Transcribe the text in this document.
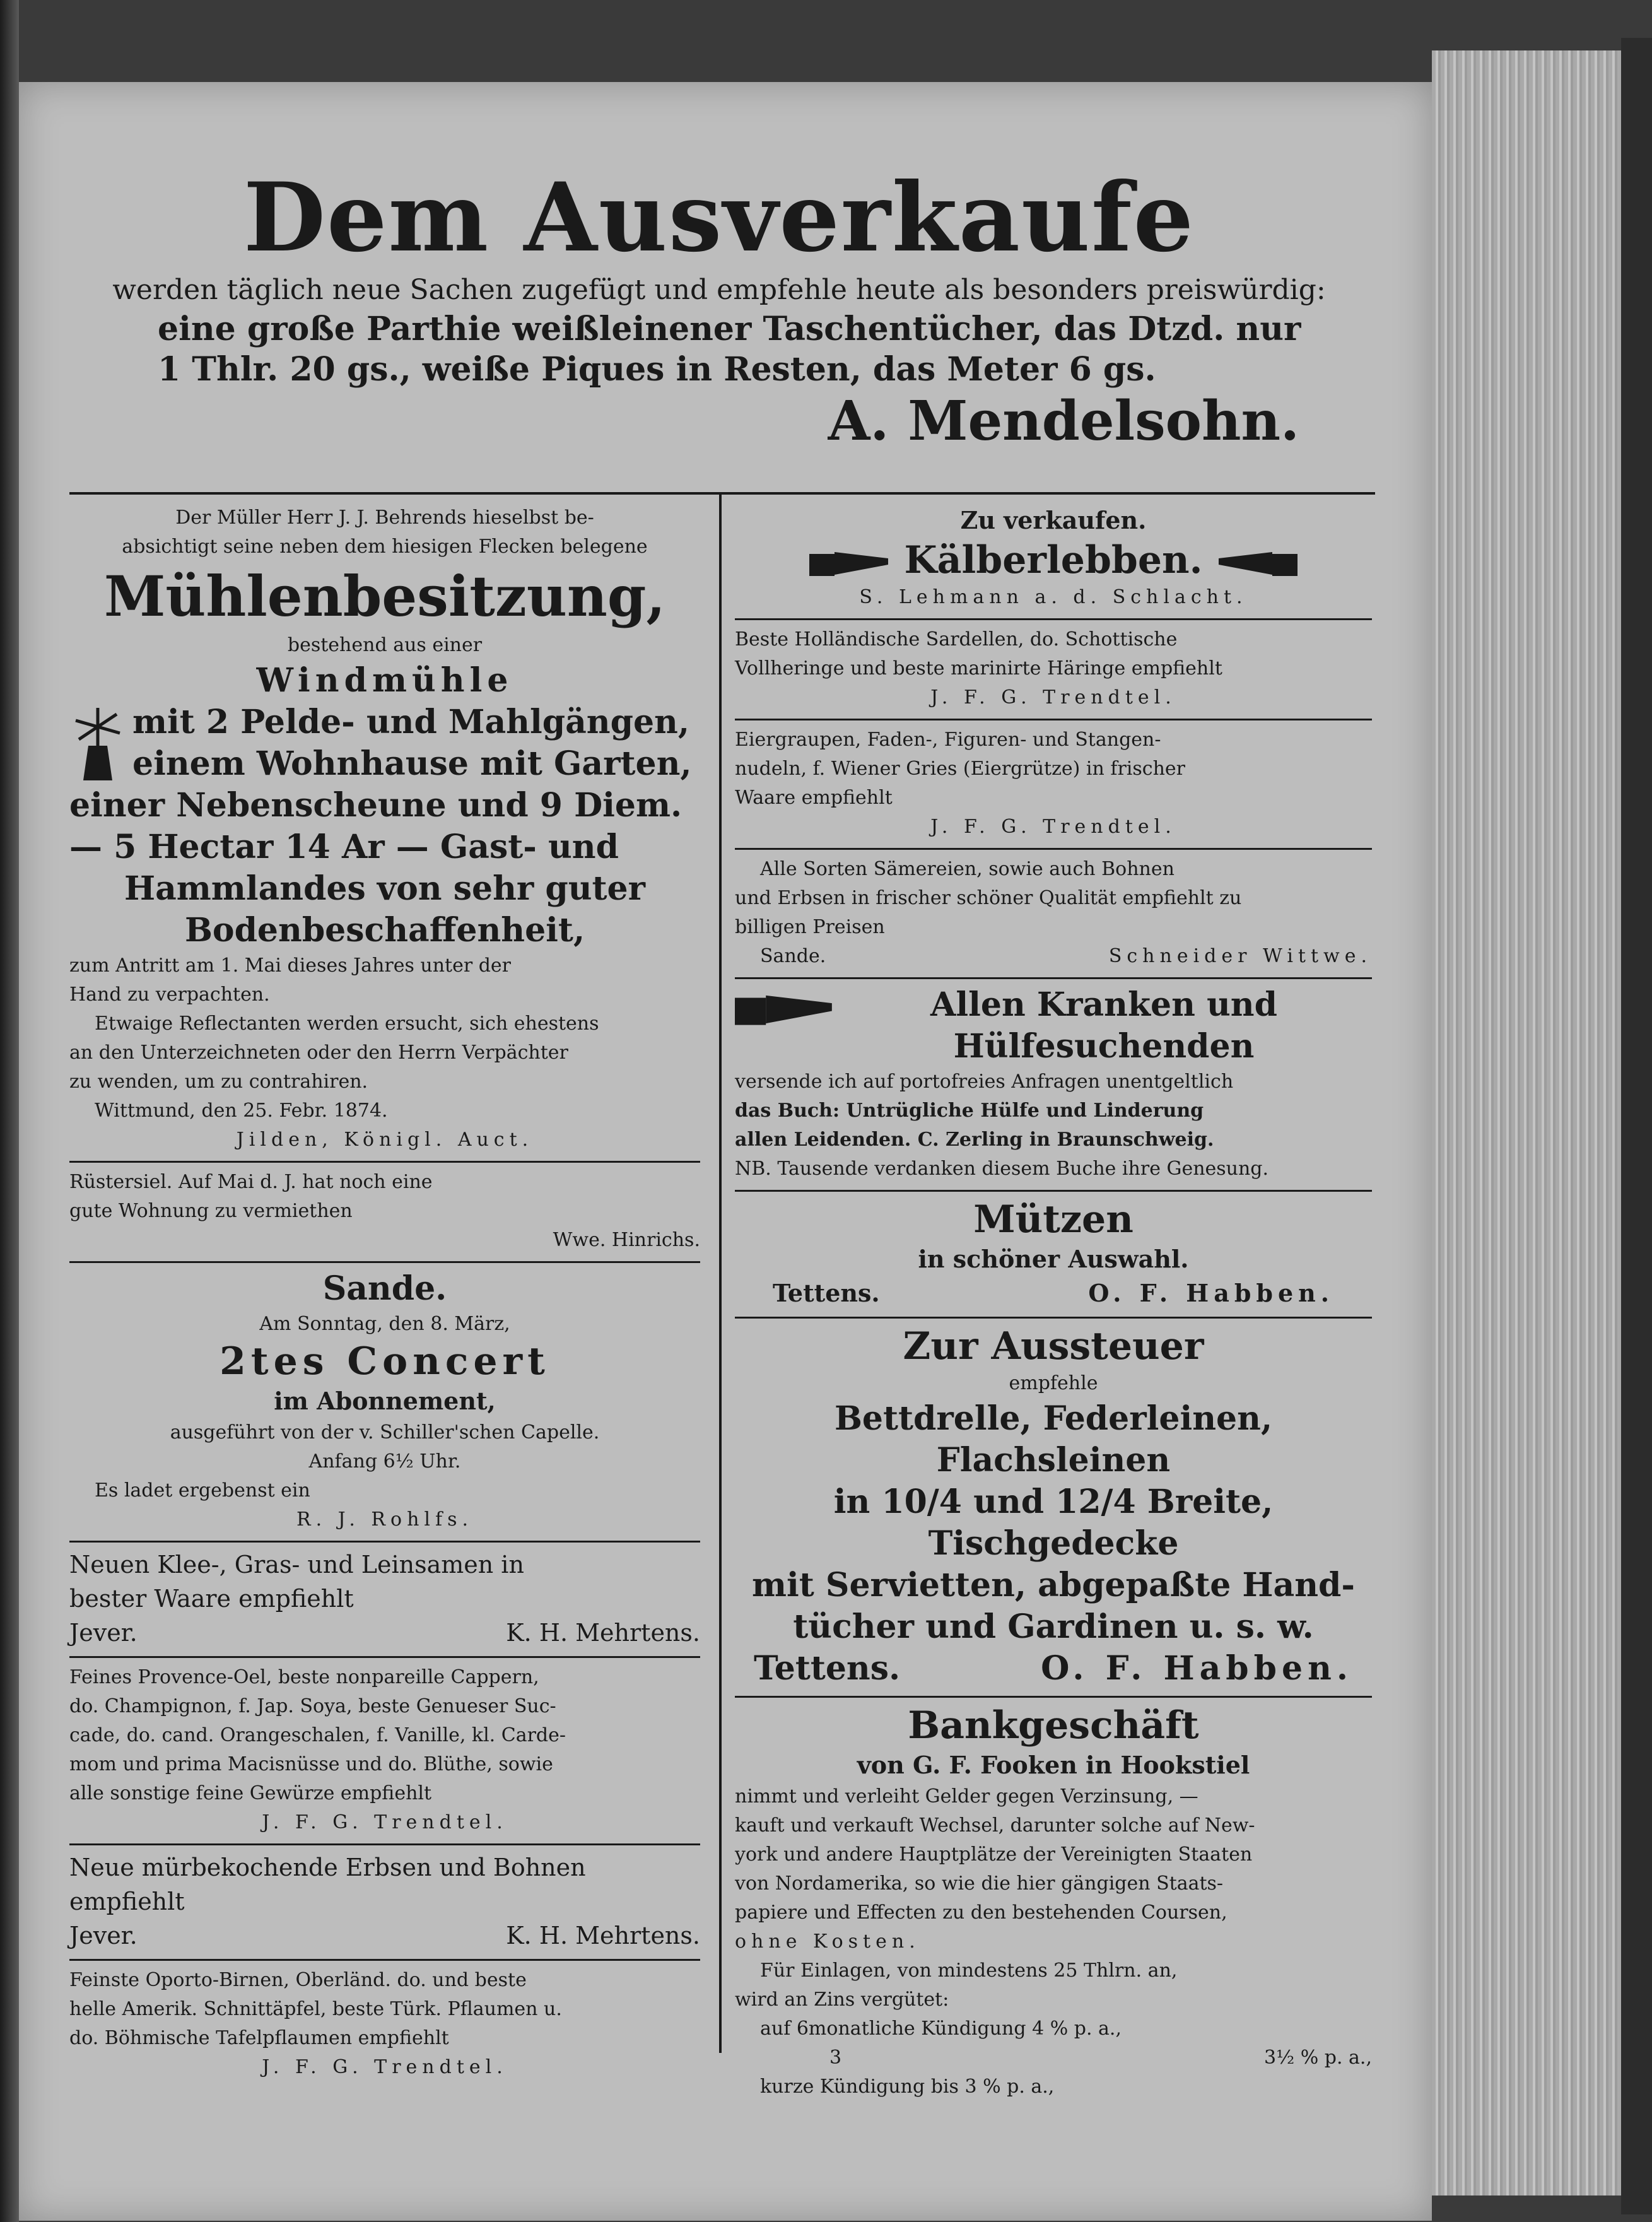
Dem Ausverkaufe

werden täglich neue Sachen zugefügt und empfehle heute als besonders preiswürdig:

eine große Parthie weißleinener Taschentücher, das Dtzd. nur

1 Thlr. 20 gs., weiße Piques in Resten, das Meter 6 gs.

A. Mendelsohn.

Der Müller Herr J. J. Behrends hieselbst be-

absichtigt seine neben dem hiesigen Flecken belegene

Mühlenbesitzung,

bestehend aus einer

Windmühle

mit 2 Pelde- und Mahlgängen,

einem Wohnhause mit Garten,

einer Nebenscheune und 9 Diem.

— 5 Hectar 14 Ar — Gast- und

Hammlandes von sehr guter

Bodenbeschaffenheit,

zum Antritt am 1. Mai dieses Jahres unter der

Hand zu verpachten.

Etwaige Reflectanten werden ersucht, sich ehestens

an den Unterzeichneten oder den Herrn Verpächter

zu wenden, um zu contrahiren.

Wittmund, den 25. Febr. 1874.

Jilden, Königl. Auct.

Rüstersiel. Auf Mai d. J. hat noch eine

gute Wohnung zu vermiethen

Wwe. Hinrichs.

Sande.

Am Sonntag, den 8. März,

2tes Concert

im Abonnement,

ausgeführt von der v. Schiller'schen Capelle.

Anfang 6½ Uhr.

Es ladet ergebenst ein

R. J. Rohlfs.

Neuen Klee-, Gras- und Leinsamen in

bester Waare empfiehlt

Jever.	K. H. Mehrtens.

Feines Provence-Oel, beste nonpareille Cappern,

do. Champignon, f. Jap. Soya, beste Genueser Suc-

cade, do. cand. Orangeschalen, f. Vanille, kl. Carde-

mom und prima Macisnüsse und do. Blüthe, sowie

alle sonstige feine Gewürze empfiehlt

J. F. G. Trendtel.

Neue mürbekochende Erbsen und Bohnen

empfiehlt

Jever.	K. H. Mehrtens.

Feinste Oporto-Birnen, Oberländ. do. und beste

helle Amerik. Schnittäpfel, beste Türk. Pflaumen u.

do. Böhmische Tafelpflaumen empfiehlt

J. F. G. Trendtel.

Zu verkaufen.

Kälberlebben.

S. Lehmann a. d. Schlacht.

Beste Holländische Sardellen, do. Schottische

Vollheringe und beste marinirte Häringe empfiehlt

J. F. G. Trendtel.

Eiergraupen, Faden-, Figuren- und Stangen-

nudeln, f. Wiener Gries (Eiergrütze) in frischer

Waare empfiehlt

J. F. G. Trendtel.

Alle Sorten Sämereien, sowie auch Bohnen

und Erbsen in frischer schöner Qualität empfiehlt zu

billigen Preisen

Sande.	Schneider Wittwe.

Allen Kranken und

Hülfesuchenden

versende ich auf portofreies Anfragen unentgeltlich

das Buch: Untrügliche Hülfe und Linderung

allen Leidenden. C. Zerling in Braunschweig.

NB. Tausende verdanken diesem Buche ihre Genesung.

Mützen

in schöner Auswahl.

Tettens.	O. F. Habben.

Zur Aussteuer

empfehle

Bettdrelle, Federleinen, Flachsleinen

in 10/4 und 12/4 Breite, Tischgedecke

mit Servietten, abgepaßte Hand-

tücher und Gardinen u. s. w.

Tettens.	O. F. Habben.

Bankgeschäft

von G. F. Fooken in Hookstiel

nimmt und verleiht Gelder gegen Verzinsung, —

kauft und verkauft Wechsel, darunter solche auf New-

york und andere Hauptplätze der Vereinigten Staaten

von Nordamerika, so wie die hier gängigen Staats-

papiere und Effecten zu den bestehenden Coursen,

ohne Kosten.

Für Einlagen, von mindestens 25 Thlrn. an,

wird an Zins vergütet:

auf 6monatliche Kündigung 4 % p. a.,

3	3½ % p. a.,

kurze Kündigung bis 3 % p. a.,
